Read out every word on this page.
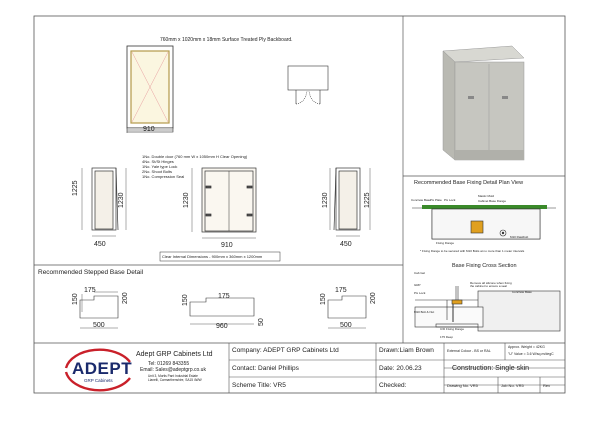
760mm x 1020mm x 18mm Surface Treated Ply Backboard.
910
1No. Double door (760 mm W x 1050mm H Clear Opening)
4No. St/St Hinges
1No. Yale type Lock
2No. Shoot Bolts
1No. Compression Seal
1225
1230
450
1230
910
Clear Internal Dimensions - 900mm x 360mm x 1200mm
1230	1225
450
Recommended Stepped Base Detail
150
175
200
500
150	175
960
50
150
175
200
500
Recommended Base Fixing Detail Plan View
Concrete Base Pix Plate Pix Lock
Mastic Mold
Cabinet Base Flange
Fixing Flange
M10 Rawlbolt
* Fixing Flange to be secured with M10 Bolts at no more than 1 meter intervals
Base Fixing Cross Section
Cab Gel
GRP
Pix Lock
M10 Bolt & Nut
Concrete Base
Remove all silicone when fixing the cabinet to ensure a seal
C/D Fixing Flange
175 Deep
ADEPT
GRP Cabinets
Adept GRP Cabinets Ltd
Tel: 01269 843355
Email: Sales@adeptgrp.co.uk
Unit 3, Mortis Pant Industrial Estate
Llanelli, Carmarthenshire, SA15 4WW
Company: ADEPT GRP Cabinets Ltd	Drawn:Liam Brown
Contact: Daniel Phillips	Date: 20.06.23
Scheme Title: VR5	Checked:
External Colour - BS or RAL
Approx. Weight = 42KG
"U" Value = 3.6 W/sq.m/degC
Construction: Single skin
Drawing No. VR5	Job No. VR5	Rev
